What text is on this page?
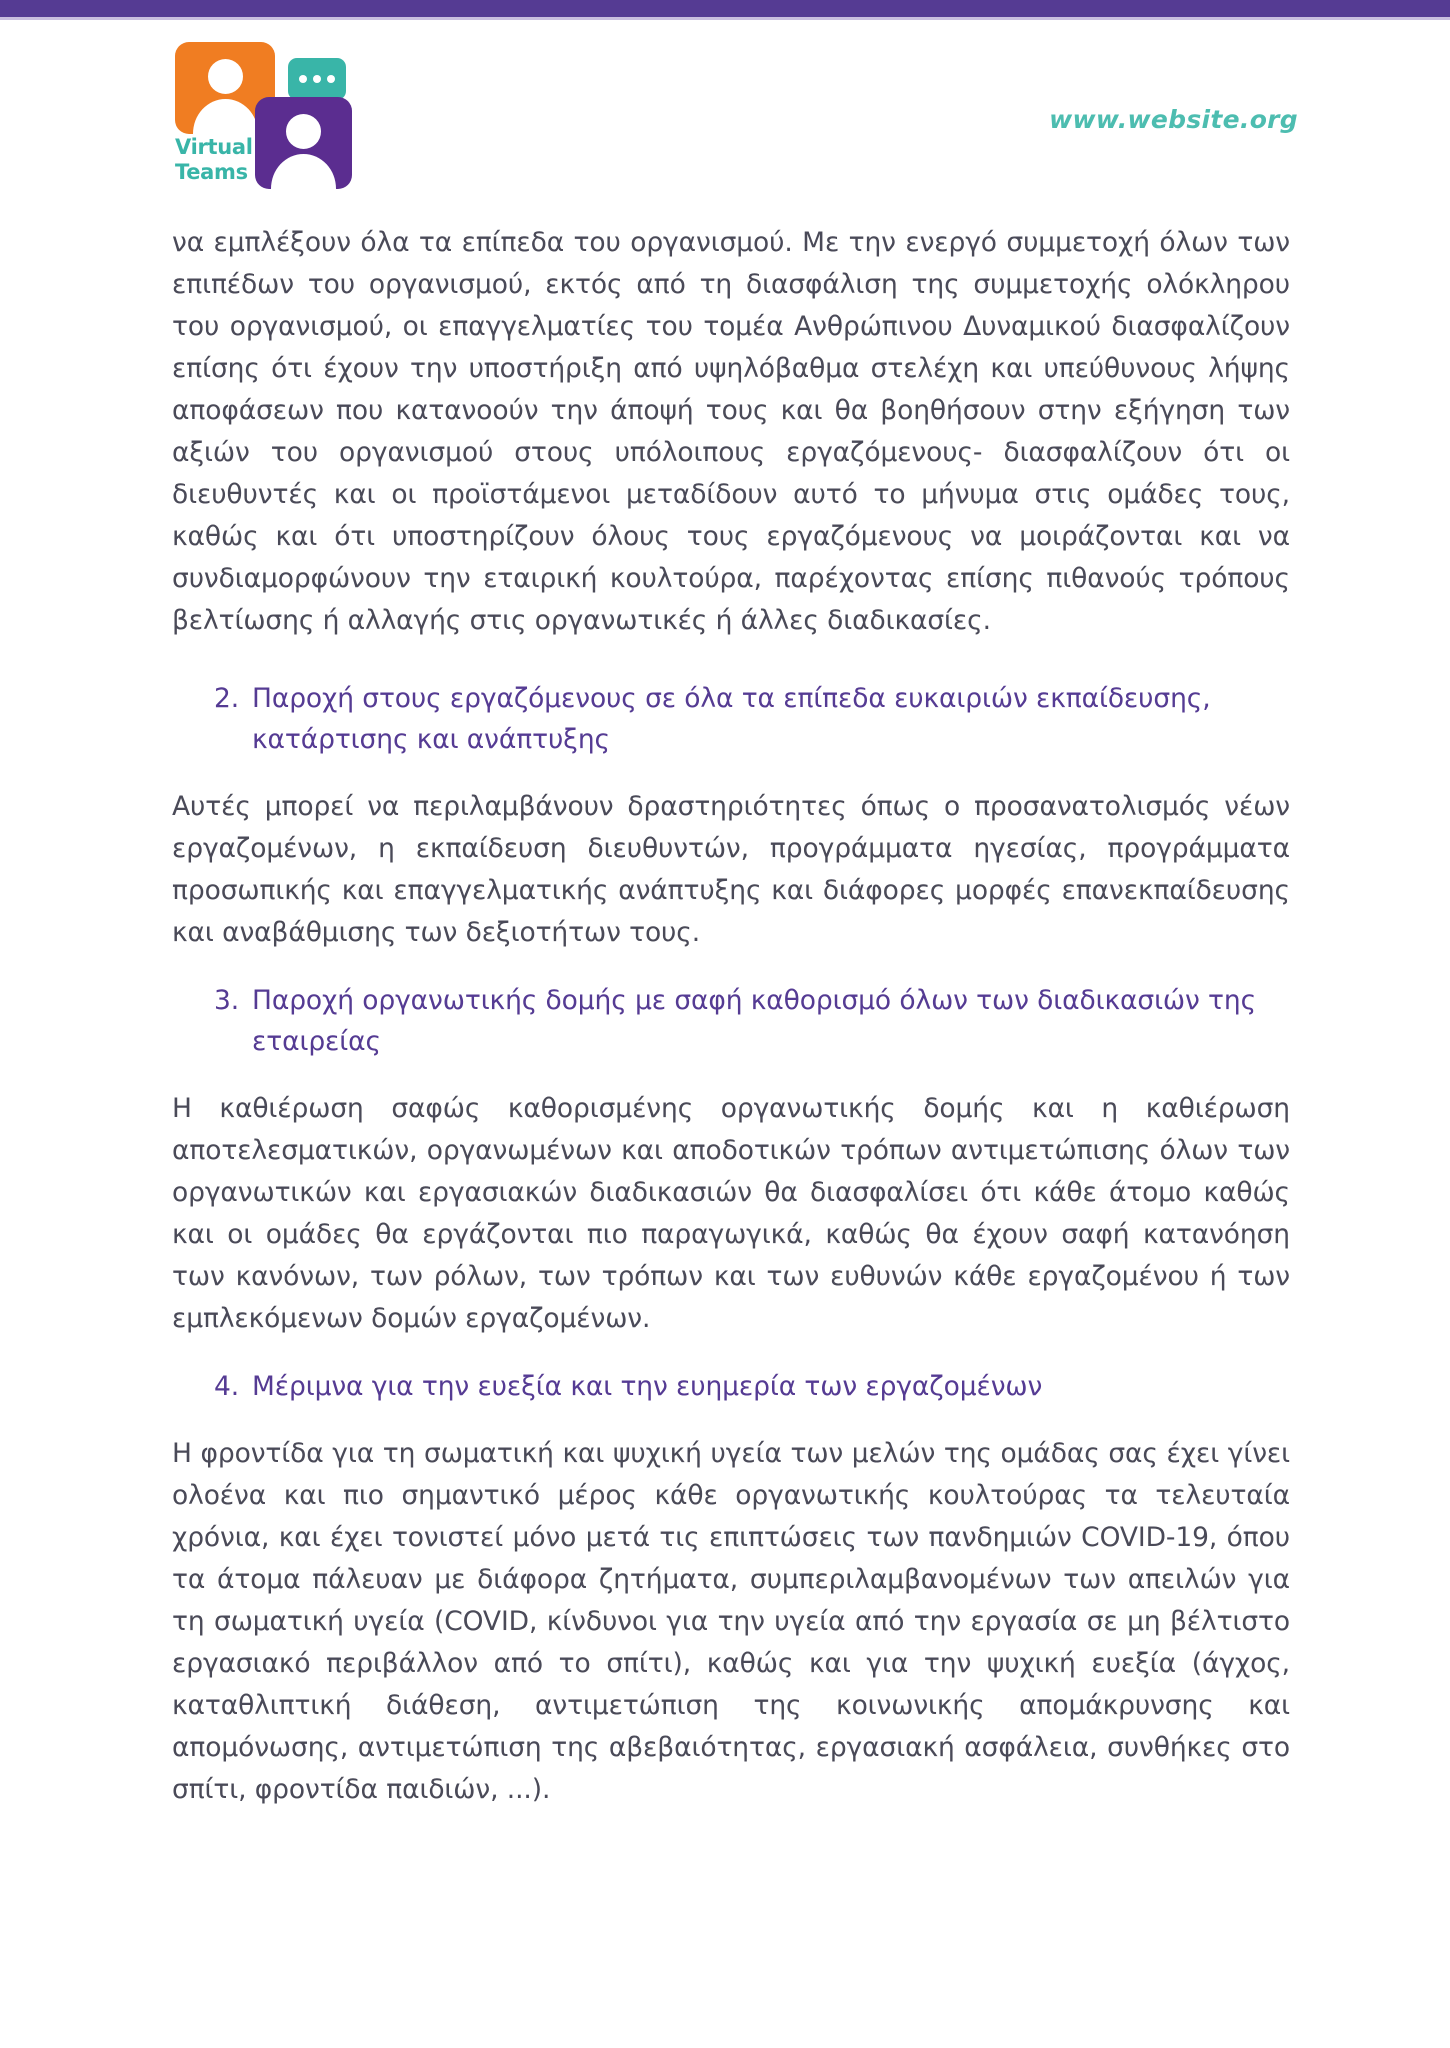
Virtual
Teams
www.website.org

να εμπλέξουν όλα τα επίπεδα του οργανισμού. Με την ενεργό συμμετοχή όλων των επιπέδων του οργανισμού, εκτός από τη διασφάλιση της συμμετοχής ολόκληρου του οργανισμού, οι επαγγελματίες του τομέα Ανθρώπινου Δυναμικού διασφαλίζουν επίσης ότι έχουν την υποστήριξη από υψηλόβαθμα στελέχη και υπεύθυνους λήψης αποφάσεων που κατανοούν την άποψή τους και θα βοηθήσουν στην εξήγηση των αξιών του οργανισμού στους υπόλοιπους εργαζόμενους- διασφαλίζουν ότι οι διευθυντές και οι προϊστάμενοι μεταδίδουν αυτό το μήνυμα στις ομάδες τους, καθώς και ότι υποστηρίζουν όλους τους εργαζόμενους να μοιράζονται και να συνδιαμορφώνουν την εταιρική κουλτούρα, παρέχοντας επίσης πιθανούς τρόπους βελτίωσης ή αλλαγής στις οργανωτικές ή άλλες διαδικασίες.

2. Παροχή στους εργαζόμενους σε όλα τα επίπεδα ευκαιριών εκπαίδευσης, κατάρτισης και ανάπτυξης

Αυτές μπορεί να περιλαμβάνουν δραστηριότητες όπως ο προσανατολισμός νέων εργαζομένων, η εκπαίδευση διευθυντών, προγράμματα ηγεσίας, προγράμματα προσωπικής και επαγγελματικής ανάπτυξης και διάφορες μορφές επανεκπαίδευσης και αναβάθμισης των δεξιοτήτων τους.

3. Παροχή οργανωτικής δομής με σαφή καθορισμό όλων των διαδικασιών της εταιρείας

Η καθιέρωση σαφώς καθορισμένης οργανωτικής δομής και η καθιέρωση αποτελεσματικών, οργανωμένων και αποδοτικών τρόπων αντιμετώπισης όλων των οργανωτικών και εργασιακών διαδικασιών θα διασφαλίσει ότι κάθε άτομο καθώς και οι ομάδες θα εργάζονται πιο παραγωγικά, καθώς θα έχουν σαφή κατανόηση των κανόνων, των ρόλων, των τρόπων και των ευθυνών κάθε εργαζομένου ή των εμπλεκόμενων δομών εργαζομένων.

4. Μέριμνα για την ευεξία και την ευημερία των εργαζομένων

Η φροντίδα για τη σωματική και ψυχική υγεία των μελών της ομάδας σας έχει γίνει ολοένα και πιο σημαντικό μέρος κάθε οργανωτικής κουλτούρας τα τελευταία χρόνια, και έχει τονιστεί μόνο μετά τις επιπτώσεις των πανδημιών COVID-19, όπου τα άτομα πάλευαν με διάφορα ζητήματα, συμπεριλαμβανομένων των απειλών για τη σωματική υγεία (COVID, κίνδυνοι για την υγεία από την εργασία σε μη βέλτιστο εργασιακό περιβάλλον από το σπίτι), καθώς και για την ψυχική ευεξία (άγχος, καταθλιπτική διάθεση, αντιμετώπιση της κοινωνικής απομάκρυνσης και απομόνωσης, αντιμετώπιση της αβεβαιότητας, εργασιακή ασφάλεια, συνθήκες στο σπίτι, φροντίδα παιδιών, ...).
